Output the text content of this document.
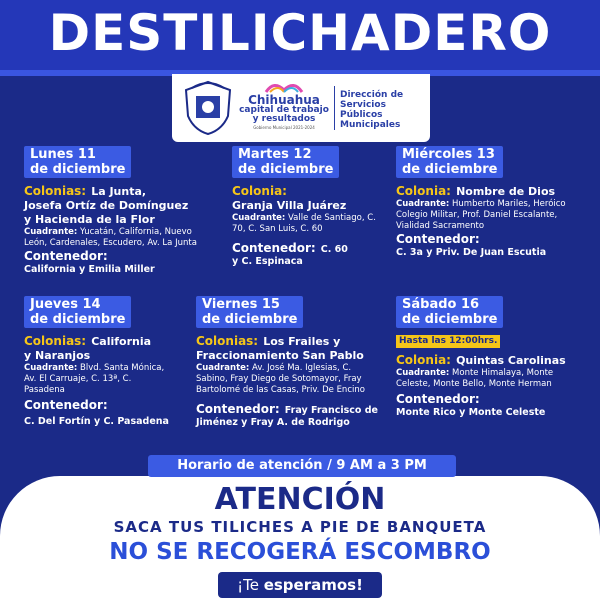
DESTILICHADERO
Chihuahua
capital de trabajo
y resultados
Gobierno Municipal 2021-2024
Dirección de
Servicios Públicos
Municipales
Lunes 11
de diciembre
Colonias: La Junta,
Josefa Ortíz de Domínguez
y Hacienda de la Flor
Cuadrante: Yucatán, California, Nuevo León, Cardenales, Escudero, Av. La Junta
Contenedor:
California y Emilia Miller
Martes 12
de diciembre
Colonia:
Granja Villa Juárez
Cuadrante: Valle de Santiago, C. 70, C. San Luis, C. 60
Contenedor: C. 60
y C. Espinaca
Miércoles 13
de diciembre
Colonia: Nombre de Dios
Cuadrante: Humberto Mariles, Heróico Colegio Militar, Prof. Daniel Escalante, Vialidad Sacramento
Contenedor:
C. 3a y Priv. De Juan Escutia
Jueves 14
de diciembre
Colonias: California
y Naranjos
Cuadrante: Blvd. Santa Mónica, Av. El Carruaje, C. 13ª, C. Pasadena
Contenedor:
C. Del Fortín y C. Pasadena
Viernes 15
de diciembre
Colonias: Los Frailes y
Fraccionamiento San Pablo
Cuadrante: Av. José Ma. Iglesias, C. Sabino, Fray Diego de Sotomayor, Fray Bartolomé de las Casas, Priv. De Encino
Contenedor: Fray Francisco de
Jiménez y Fray A. de Rodrigo
Sábado 16
de diciembre
Hasta las 12:00hrs.
Colonia: Quintas Carolinas
Cuadrante: Monte Himalaya, Monte Celeste, Monte Bello, Monte Herman
Contenedor:
Monte Rico y Monte Celeste
Horario de atención / 9 AM a 3 PM
ATENCIÓN
SACA TUS TILICHES A PIE DE BANQUETA
NO SE RECOGERÁ ESCOMBRO
¡Te esperamos!
